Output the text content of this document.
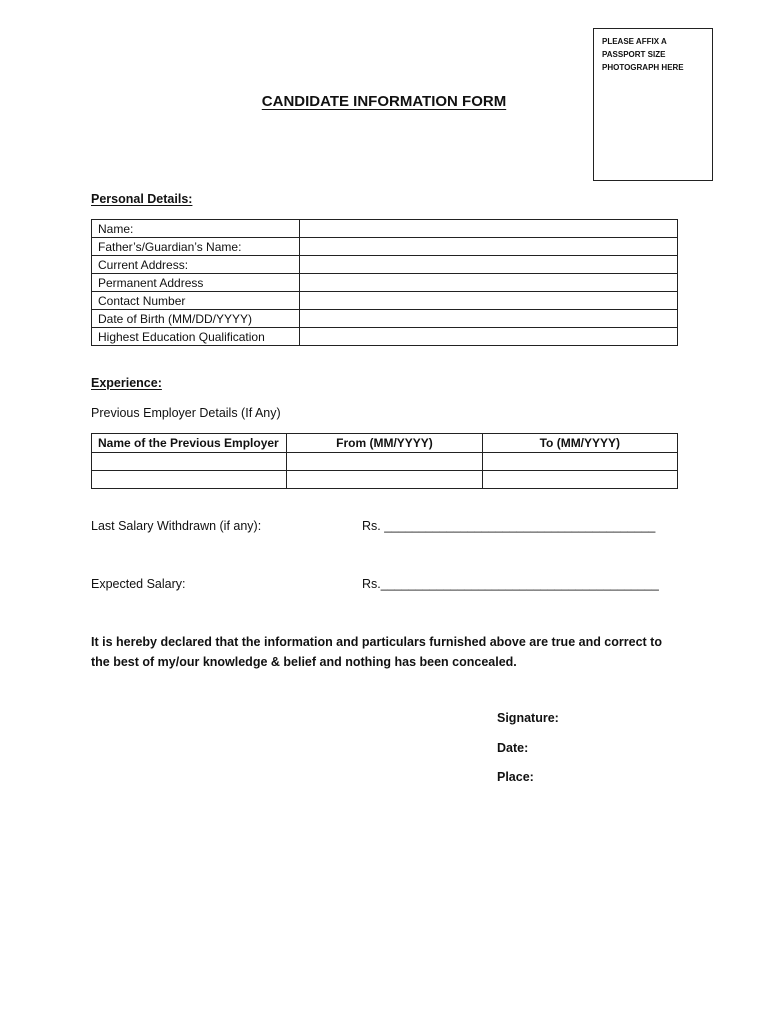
PLEASE AFFIX A
PASSPORT SIZE
PHOTOGRAPH HERE
CANDIDATE INFORMATION FORM
Personal Details:
Name:	
Father’s/Guardian’s Name:	
Current Address:	
Permanent Address	
Contact Number	
Date of Birth (MM/DD/YYYY)	
Highest Education Qualification	
Experience:
Previous Employer Details (If Any)
Name of the Previous Employer	From (MM/YYYY)	To (MM/YYYY)

Last Salary Withdrawn (if any):	Rs. _______________________________________
Expected Salary:	Rs.________________________________________
It is hereby declared that the information and particulars furnished above are true and correct to the best of my/our knowledge & belief and nothing has been concealed.
Signature:
Date:
Place:
